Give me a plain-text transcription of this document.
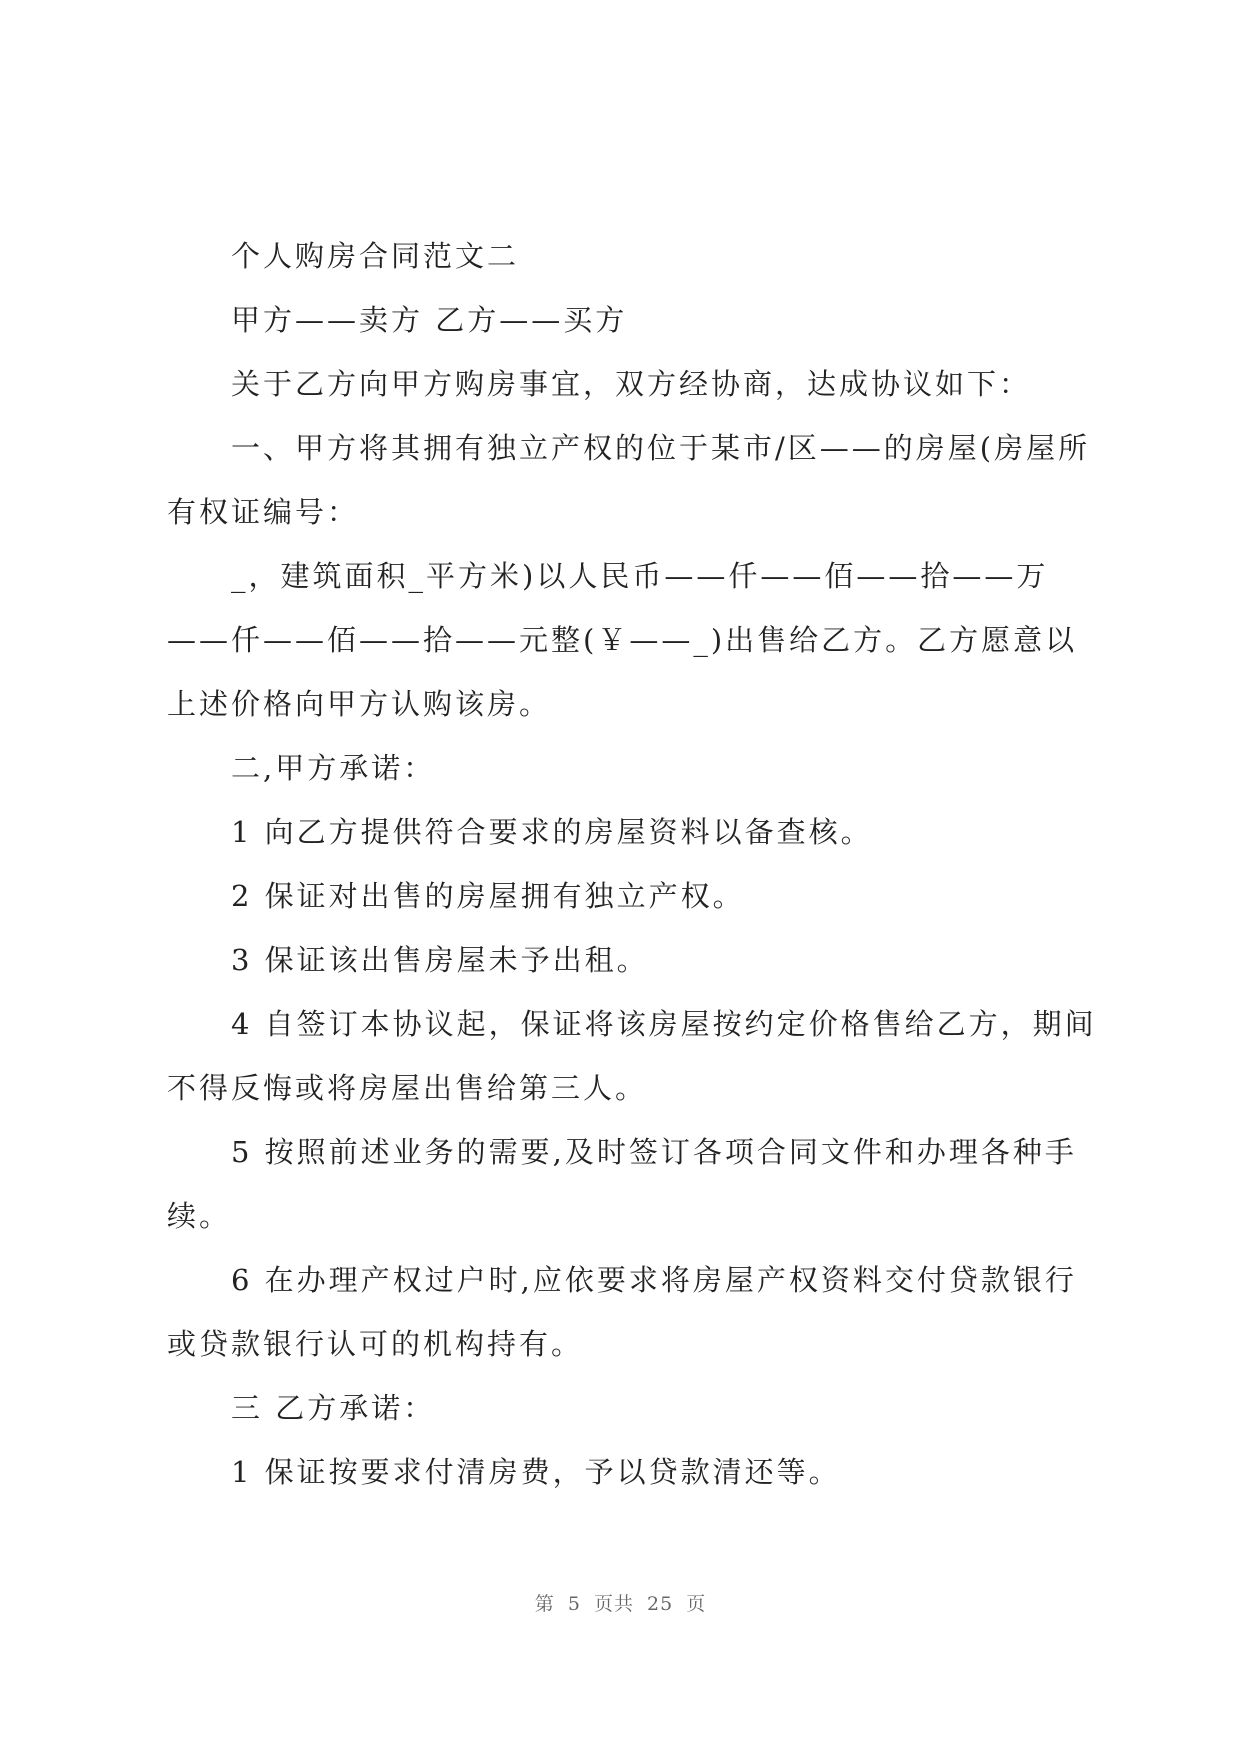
个人购房合同范文二

甲方——卖方 乙方——买方

关于乙方向甲方购房事宜，双方经协商，达成协议如下：

一、甲方将其拥有独立产权的位于某市/区——的房屋(房屋所有权证编号：

_，建筑面积_平方米)以人民币——仟——佰——拾——万——仟——佰——拾——元整(￥——_)出售给乙方。乙方愿意以上述价格向甲方认购该房。

二,甲方承诺：

1 向乙方提供符合要求的房屋资料以备查核。

2 保证对出售的房屋拥有独立产权。

3 保证该出售房屋未予出租。

4 自签订本协议起，保证将该房屋按约定价格售给乙方，期间不得反悔或将房屋出售给第三人。

5 按照前述业务的需要,及时签订各项合同文件和办理各种手续。

6 在办理产权过户时,应依要求将房屋产权资料交付贷款银行或贷款银行认可的机构持有。

三 乙方承诺：

1 保证按要求付清房费，予以贷款清还等。

第 5 页共 25 页
